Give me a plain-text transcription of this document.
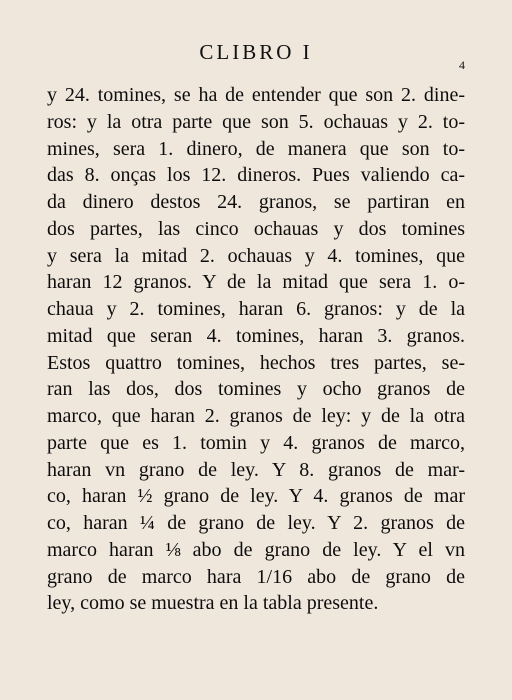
CLIBRO I
4
y 24. tomines, se ha de entender que son 2. dine-
ros: y la otra parte que son 5. ochauas y 2. to-
mines, sera 1. dinero, de manera que son to-
das 8. onças los 12. dineros. Pues valiendo ca-
da dinero destos 24. granos, se partiran en
dos partes, las cinco ochauas y dos tomines
y sera la mitad 2. ochauas y 4. tomines, que
haran 12 granos. Y de la mitad que sera 1. o-
chaua y 2. tomines, haran 6. granos: y de la
mitad que seran 4. tomines, haran 3. granos.
Estos quattro tomines, hechos tres partes, se-
ran las dos, dos tomines y ocho granos de
marco, que haran 2. granos de ley: y de la otra
parte que es 1. tomin y 4. granos de marco,
haran vn grano de ley. Y 8. granos de mar-
co, haran ½ grano de ley. Y 4. granos de mar
co, haran ¼ de grano de ley. Y 2. granos de
marco haran ⅛ abo de grano de ley. Y el vn
grano de marco hara 1/16 abo de grano de
ley, como se muestra en la tabla presente.
